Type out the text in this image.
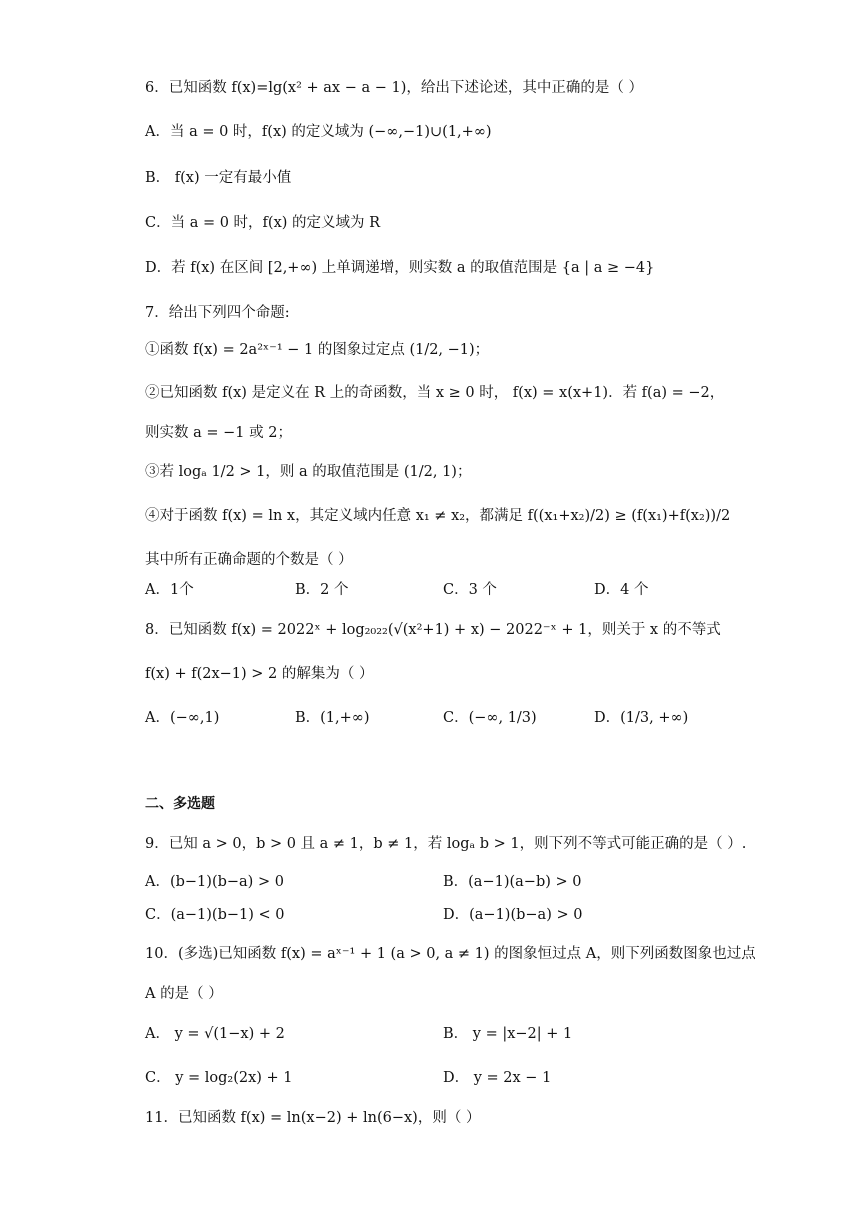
6．已知函数 f(x)=lg(x² + ax − a − 1)，给出下述论述，其中正确的是（ ）
A．当 a = 0 时，f(x) 的定义域为 (−∞,−1)∪(1,+∞)
B． f(x) 一定有最小值
C．当 a = 0 时，f(x) 的定义域为 R
D．若 f(x) 在区间 [2,+∞) 上单调递增，则实数 a 的取值范围是 {a | a ≥ −4}
7．给出下列四个命题:
①函数 f(x) = 2a²ˣ⁻¹ − 1 的图象过定点 (1/2, −1)；
②已知函数 f(x) 是定义在 R 上的奇函数，当 x ≥ 0 时， f(x) = x(x+1)．若 f(a) = −2，
则实数 a = −1 或 2；
③若 logₐ 1/2 > 1，则 a 的取值范围是 (1/2, 1)；
④对于函数 f(x) = ln x，其定义域内任意 x₁ ≠ x₂，都满足 f((x₁+x₂)/2) ≥ (f(x₁)+f(x₂))/2
其中所有正确命题的个数是（ ）
A．1个	B．2 个	C．3 个	D．4 个
8．已知函数 f(x) = 2022ˣ + log₂₀₂₂(√(x²+1) + x) − 2022⁻ˣ + 1，则关于 x 的不等式
f(x) + f(2x−1) > 2 的解集为（ ）
A．(−∞,1)	B．(1,+∞)	C．(−∞, 1/3)	D．(1/3, +∞)
二、多选题
9．已知 a > 0，b > 0 且 a ≠ 1，b ≠ 1，若 logₐ b > 1，则下列不等式可能正确的是（ ）.
A．(b−1)(b−a) > 0	B．(a−1)(a−b) > 0
C．(a−1)(b−1) < 0	D．(a−1)(b−a) > 0
10．(多选)已知函数 f(x) = aˣ⁻¹ + 1 (a > 0, a ≠ 1) 的图象恒过点 A，则下列函数图象也过点
A 的是（ ）
A． y = √(1−x) + 2	B． y = |x−2| + 1
C． y = log₂(2x) + 1	D． y = 2x − 1
11．已知函数 f(x) = ln(x−2) + ln(6−x)，则（ ）
